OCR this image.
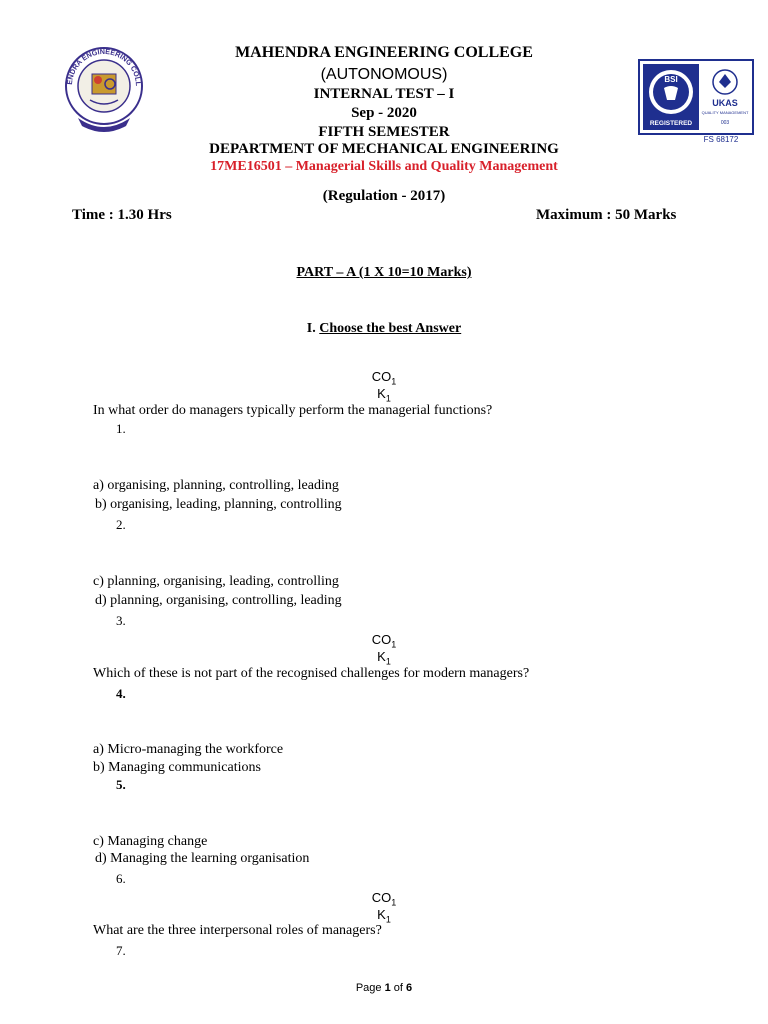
ENDRA ENGINEERING COLL	BSI
REGISTERED
UKAS
QUALITY MANAGEMENT
003
FS 68172
MAHENDRA ENGINEERING COLLEGE
(AUTONOMOUS)
INTERNAL TEST – I
Sep - 2020
FIFTH SEMESTER
DEPARTMENT OF MECHANICAL ENGINEERING
17ME16501 – Managerial Skills and Quality Management
(Regulation - 2017)
Time : 1.30 Hrs	Maximum : 50 Marks
PART – A (1 X 10=10 Marks)
I. Choose the best Answer
$CO_1$
$K_1$
In what order do managers typically perform the managerial functions?
1.
a) organising, planning, controlling, leading
b) organising, leading, planning, controlling
2.
c) planning, organising, leading, controlling
d) planning, organising, controlling, leading
3.
$CO_1$
$K_1$
Which of these is not part of the recognised challenges for modern managers?
4.
a) Micro-managing the workforce
b) Managing communications
5.
c) Managing change
d) Managing the learning organisation
6.
$CO_1$
$K_1$
What are the three interpersonal roles of managers?
7.
Page 1 of 6
